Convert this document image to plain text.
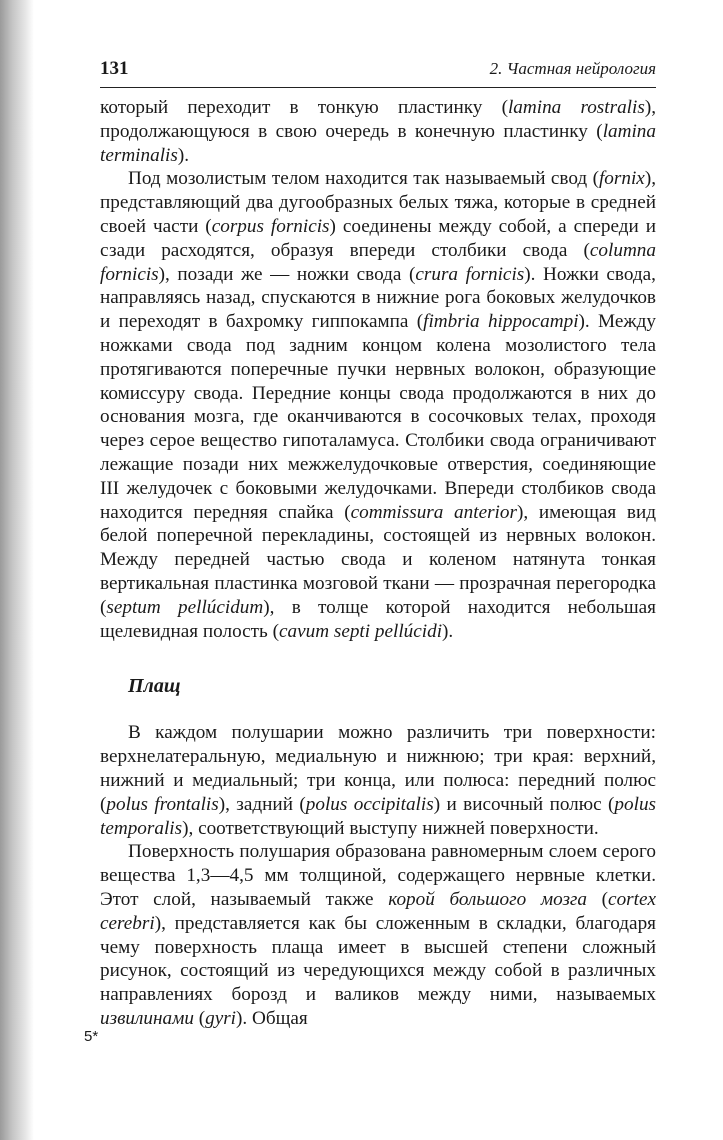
131	2. Частная нейрология

который переходит в тонкую пластинку (lamina rostralis), продолжающуюся в свою очередь в конечную пластинку (lamina terminalis).

Под мозолистым телом находится так называемый свод (fornix), представляющий два дугообразных белых тяжа, которые в средней своей части (corpus fornicis) соединены между собой, а спереди и сзади расходятся, образуя впереди столбики свода (columna fornicis), позади же — ножки свода (crura fornicis). Ножки свода, направляясь назад, спускаются в нижние рога боковых желудочков и переходят в бахромку гиппокампа (fimbria hippocampi). Между ножками свода под задним концом колена мозолистого тела протягиваются поперечные пучки нервных волокон, образующие комиссуру свода. Передние концы свода продолжаются в них до основания мозга, где оканчиваются в сосочковых телах, проходя через серое вещество гипоталамуса. Столбики свода ограничивают лежащие позади них межжелудочковые отверстия, соединяющие III желудочек с боковыми желудочками. Впереди столбиков свода находится передняя спайка (commissura anterior), имеющая вид белой поперечной перекладины, состоящей из нервных волокон. Между передней частью свода и коленом натянута тонкая вертикальная пластинка мозговой ткани — прозрачная перегородка (septum pellúcidum), в толще которой находится небольшая щелевидная полость (cavum septi pellúcidi).

Плащ

В каждом полушарии можно различить три поверхности: верхнелатеральную, медиальную и нижнюю; три края: верхний, нижний и медиальный; три конца, или полюса: передний полюс (polus frontalis), задний (polus occipitalis) и височный полюс (polus temporalis), соответствующий выступу нижней поверхности.

Поверхность полушария образована равномерным слоем серого вещества 1,3—4,5 мм толщиной, содержащего нервные клетки. Этот слой, называемый также корой большого мозга (cortex cerebri), представляется как бы сложенным в складки, благодаря чему поверхность плаща имеет в высшей степени сложный рисунок, состоящий из чередующихся между собой в различных направлениях борозд и валиков между ними, называемых извилинами (gyri). Общая

5*
